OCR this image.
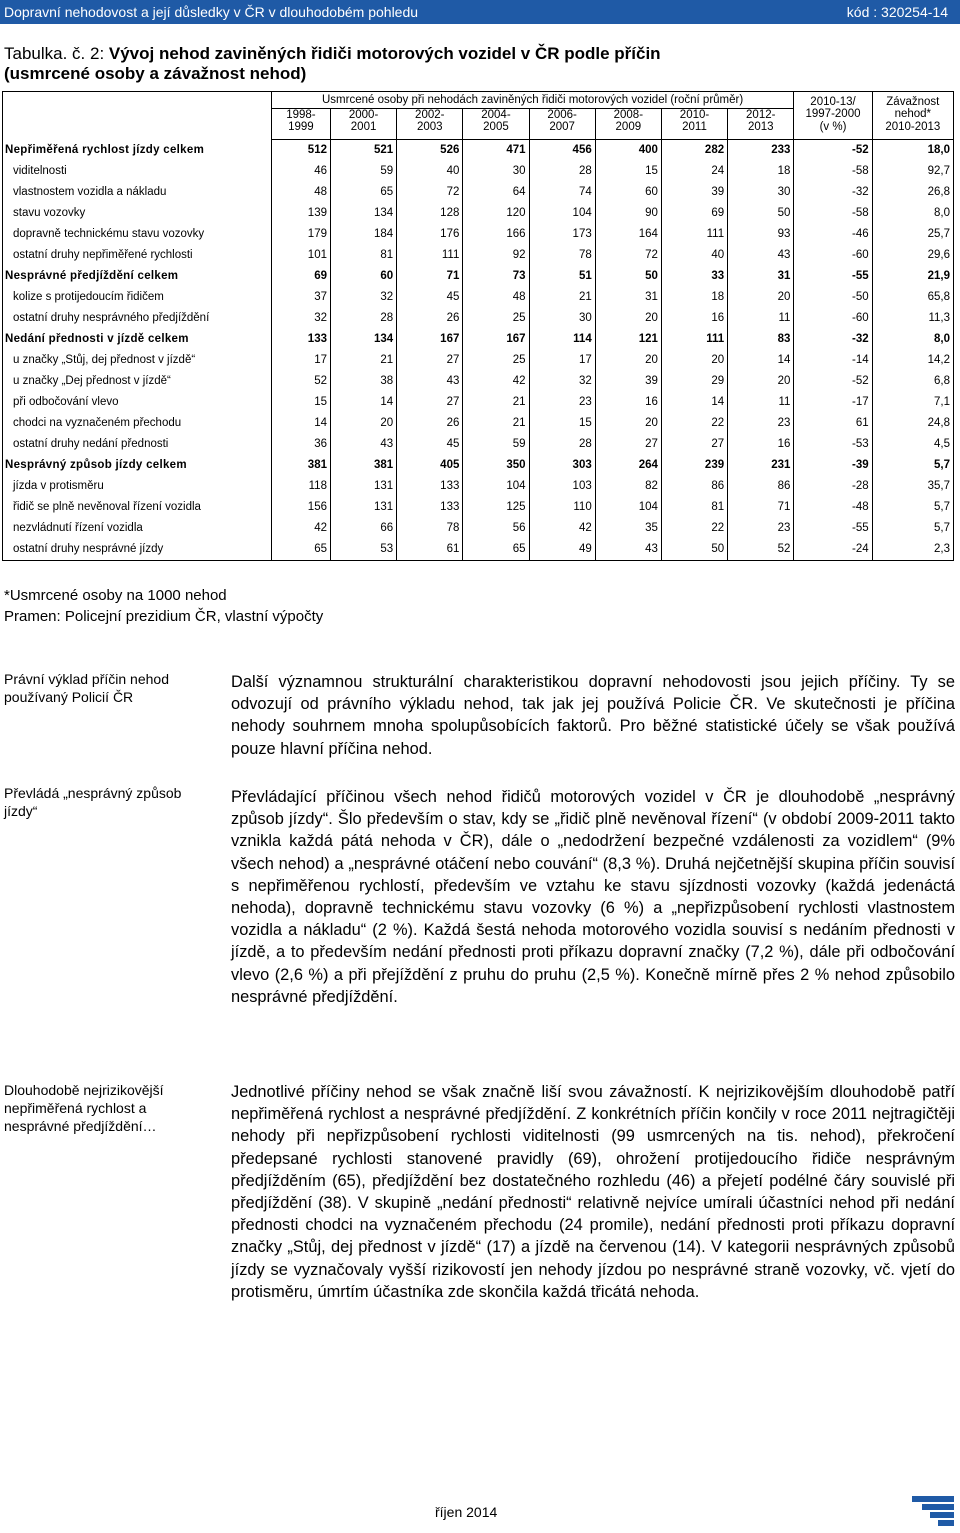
Dopravní nehodovost a její důsledky v ČR v dlouhodobém pohledu	kód : 320254-14
Tabulka. č. 2: Vývoj nehod zaviněných řidiči motorových vozidel v ČR podle příčin
(usmrcené osoby a závažnost nehod)
	Usmrcené osoby při nehodách zaviněných řidiči motorových vozidel (roční průměr)								2010-13/	Závažnost
	1998-	2000-	2002-	2004-	2006-	2008-	2010-	2012-	1997-2000	nehod*
	1999	2001	2003	2005	2007	2009	2011	2013	(v %)	2010-2013
Nepřiměřená rychlost jízdy celkem	512	521	526	471	456	400	282	233	-52	18,0
viditelnosti	46	59	40	30	28	15	24	18	-58	92,7
vlastnostem vozidla a nákladu	48	65	72	64	74	60	39	30	-32	26,8
stavu vozovky	139	134	128	120	104	90	69	50	-58	8,0
dopravně technickému stavu vozovky	179	184	176	166	173	164	111	93	-46	25,7
ostatní druhy nepřiměřené rychlosti	101	81	111	92	78	72	40	43	-60	29,6
Nesprávné předjíždění celkem	69	60	71	73	51	50	33	31	-55	21,9
kolize s protijedoucím řidičem	37	32	45	48	21	31	18	20	-50	65,8
ostatní druhy nesprávného předjíždění	32	28	26	25	30	20	16	11	-60	11,3
Nedání přednosti v jízdě celkem	133	134	167	167	114	121	111	83	-32	8,0
u značky „Stůj, dej přednost v jízdě“	17	21	27	25	17	20	20	14	-14	14,2
u značky „Dej přednost v jízdě“	52	38	43	42	32	39	29	20	-52	6,8
při odbočování vlevo	15	14	27	21	23	16	14	11	-17	7,1
chodci na vyznačeném přechodu	14	20	26	21	15	20	22	23	61	24,8
ostatní druhy nedání přednosti	36	43	45	59	28	27	27	16	-53	4,5
Nesprávný způsob jízdy celkem	381	381	405	350	303	264	239	231	-39	5,7
jízda v protisměru	118	131	133	104	103	82	86	86	-28	35,7
řidič se plně nevěnoval řízení vozidla	156	131	133	125	110	104	81	71	-48	5,7
nezvládnutí řízení vozidla	42	66	78	56	42	35	22	23	-55	5,7
ostatní druhy nesprávné jízdy	65	53	61	65	49	43	50	52	-24	2,3
*Usmrcené osoby na 1000 nehod
Pramen: Policejní prezidium ČR, vlastní výpočty
Právní výklad příčin nehod používaný Policií ČR
Převládá „nesprávný způsob jízdy“
Dlouhodobě nejrizikovější nepřiměřená rychlost a nesprávné předjíždění…

Další významnou strukturální charakteristikou dopravní nehodovosti jsou jejich příčiny. Ty se odvozují od právního výkladu nehod, tak jak jej používá Policie ČR. Ve skutečnosti je příčina nehody souhrnem mnoha spolupůsobících faktorů. Pro běžné statistické účely se však používá pouze hlavní příčina nehod.

Převládající příčinou všech nehod řidičů motorových vozidel v ČR je dlouhodobě „nesprávný způsob jízdy“. Šlo především o stav, kdy se „řidič plně nevěnoval řízení“ (v období 2009-2011 takto vznikla každá pátá nehoda v ČR), dále o „nedodržení bezpečné vzdálenosti za vozidlem“ (9% všech nehod) a „nesprávné otáčení nebo couvání“ (8,3 %). Druhá nejčetnější skupina příčin souvisí s nepřiměřenou rychlostí, především ve vztahu ke stavu sjízdnosti vozovky (každá jedenáctá nehoda), dopravně technickému stavu vozovky (6 %) a „nepřizpůsobení rychlosti vlastnostem vozidla a nákladu“ (2 %). Každá šestá nehoda motorového vozidla souvisí s nedáním přednosti v jízdě, a to především nedání přednosti proti příkazu dopravní značky (7,2 %), dále při odbočování vlevo (2,6 %) a při přejíždění z pruhu do pruhu (2,5 %). Konečně mírně přes 2 % nehod způsobilo nesprávné předjíždění.

Jednotlivé příčiny nehod se však značně liší svou závažností. K nejrizikovějším dlouhodobě patří nepřiměřená rychlost a nesprávné předjíždění. Z konkrétních příčin končily v roce 2011 nejtragičtěji nehody při nepřizpůsobení rychlosti viditelnosti (99 usmrcených na tis. nehod), překročení předepsané rychlosti stanovené pravidly (69), ohrožení protijedoucího řidiče nesprávným předjížděním (65), předjíždění bez dostatečného rozhledu (46) a přejetí podélné čáry souvislé při předjíždění (38). V skupině „nedání přednosti“ relativně nejvíce umírali účastníci nehod při nedání přednosti chodci na vyznačeném přechodu (24 promile), nedání přednosti proti příkazu dopravní značky „Stůj, dej přednost v jízdě“ (17) a jízdě na červenou (14). V kategorii nesprávných způsobů jízdy se vyznačovaly vyšší rizikovostí jen nehody jízdou po nesprávné straně vozovky, vč. vjetí do protisměru, úmrtím účastníka zde skončila každá třicátá nehoda.

říjen 2014
